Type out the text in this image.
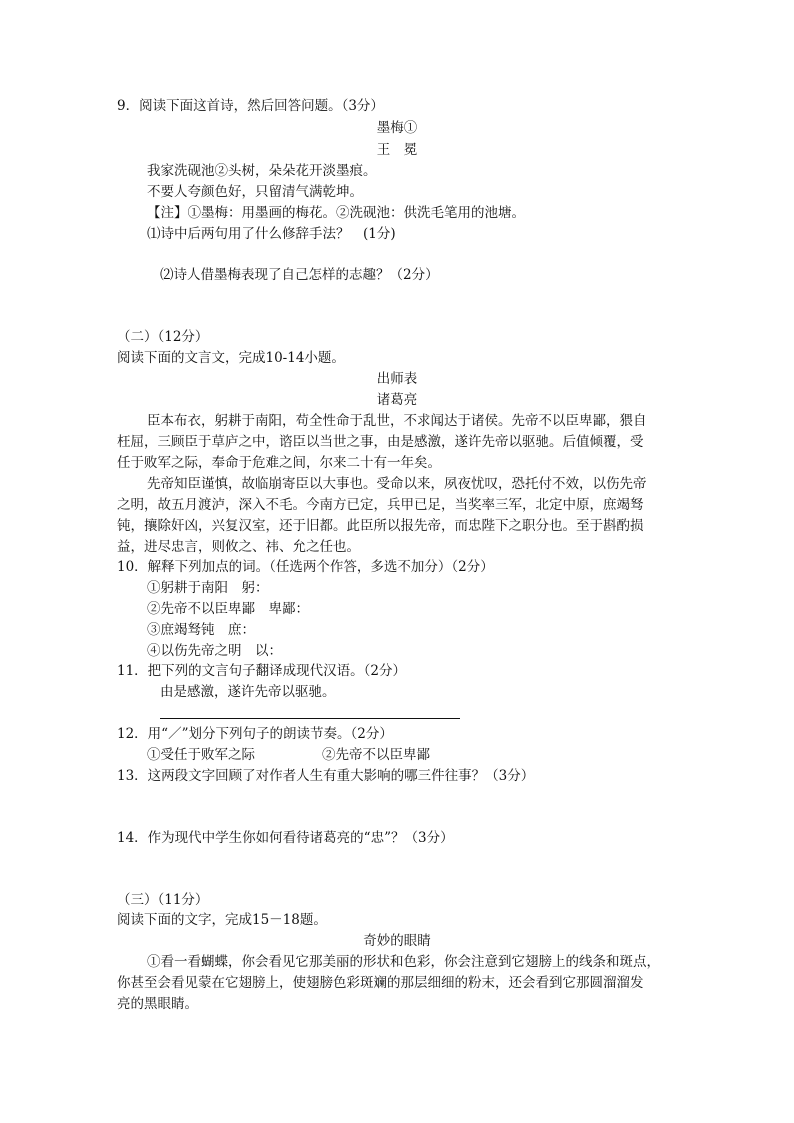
9．阅读下面这首诗，然后回答问题。（3分）
墨梅①
王　冕
我家洗砚池②头树，朵朵花开淡墨痕。
不要人夸颜色好，只留清气满乾坤。
【注】①墨梅：用墨画的梅花。②洗砚池：供洗毛笔用的池塘。
⑴诗中后两句用了什么修辞手法？　(1分)
⑵诗人借墨梅表现了自己怎样的志趣？（2分）
（二）（12分）
阅读下面的文言文，完成10-14小题。
出师表
诸葛亮
臣本布衣，躬耕于南阳，苟全性命于乱世，不求闻达于诸侯。先帝不以臣卑鄙，猥自
枉屈，三顾臣于草庐之中，谘臣以当世之事，由是感激，遂许先帝以驱驰。后值倾覆，受
任于败军之际，奉命于危难之间，尔来二十有一年矣。
先帝知臣谨慎，故临崩寄臣以大事也。受命以来，夙夜忧叹，恐托付不效，以伤先帝
之明，故五月渡泸，深入不毛。今南方已定，兵甲已足，当奖率三军，北定中原，庶竭驽
钝，攘除奸凶，兴复汉室，还于旧都。此臣所以报先帝，而忠陛下之职分也。至于斟酌损
益，进尽忠言，则攸之、祎、允之任也。
10．解释下列加点的词。（任选两个作答，多选不加分）（2分）
①躬耕于南阳　躬：
②先帝不以臣卑鄙　卑鄙：
③庶竭驽钝　庶：
④以伤先帝之明　以：
11．把下列的文言句子翻译成现代汉语。（2分）
由是感激，遂许先帝以驱驰。
12．用“／”划分下列句子的朗读节奏。（2分）
①受任于败军之际	②先帝不以臣卑鄙
13．这两段文字回顾了对作者人生有重大影响的哪三件往事？（3分）
14．作为现代中学生你如何看待诸葛亮的“忠”？（3分）
（三）（11分）
阅读下面的文字，完成15－18题。
奇妙的眼睛
①看一看蝴蝶，你会看见它那美丽的形状和色彩，你会注意到它翅膀上的线条和斑点，
你甚至会看见蒙在它翅膀上，使翅膀色彩斑斓的那层细细的粉末，还会看到它那圆溜溜发
亮的黑眼睛。
